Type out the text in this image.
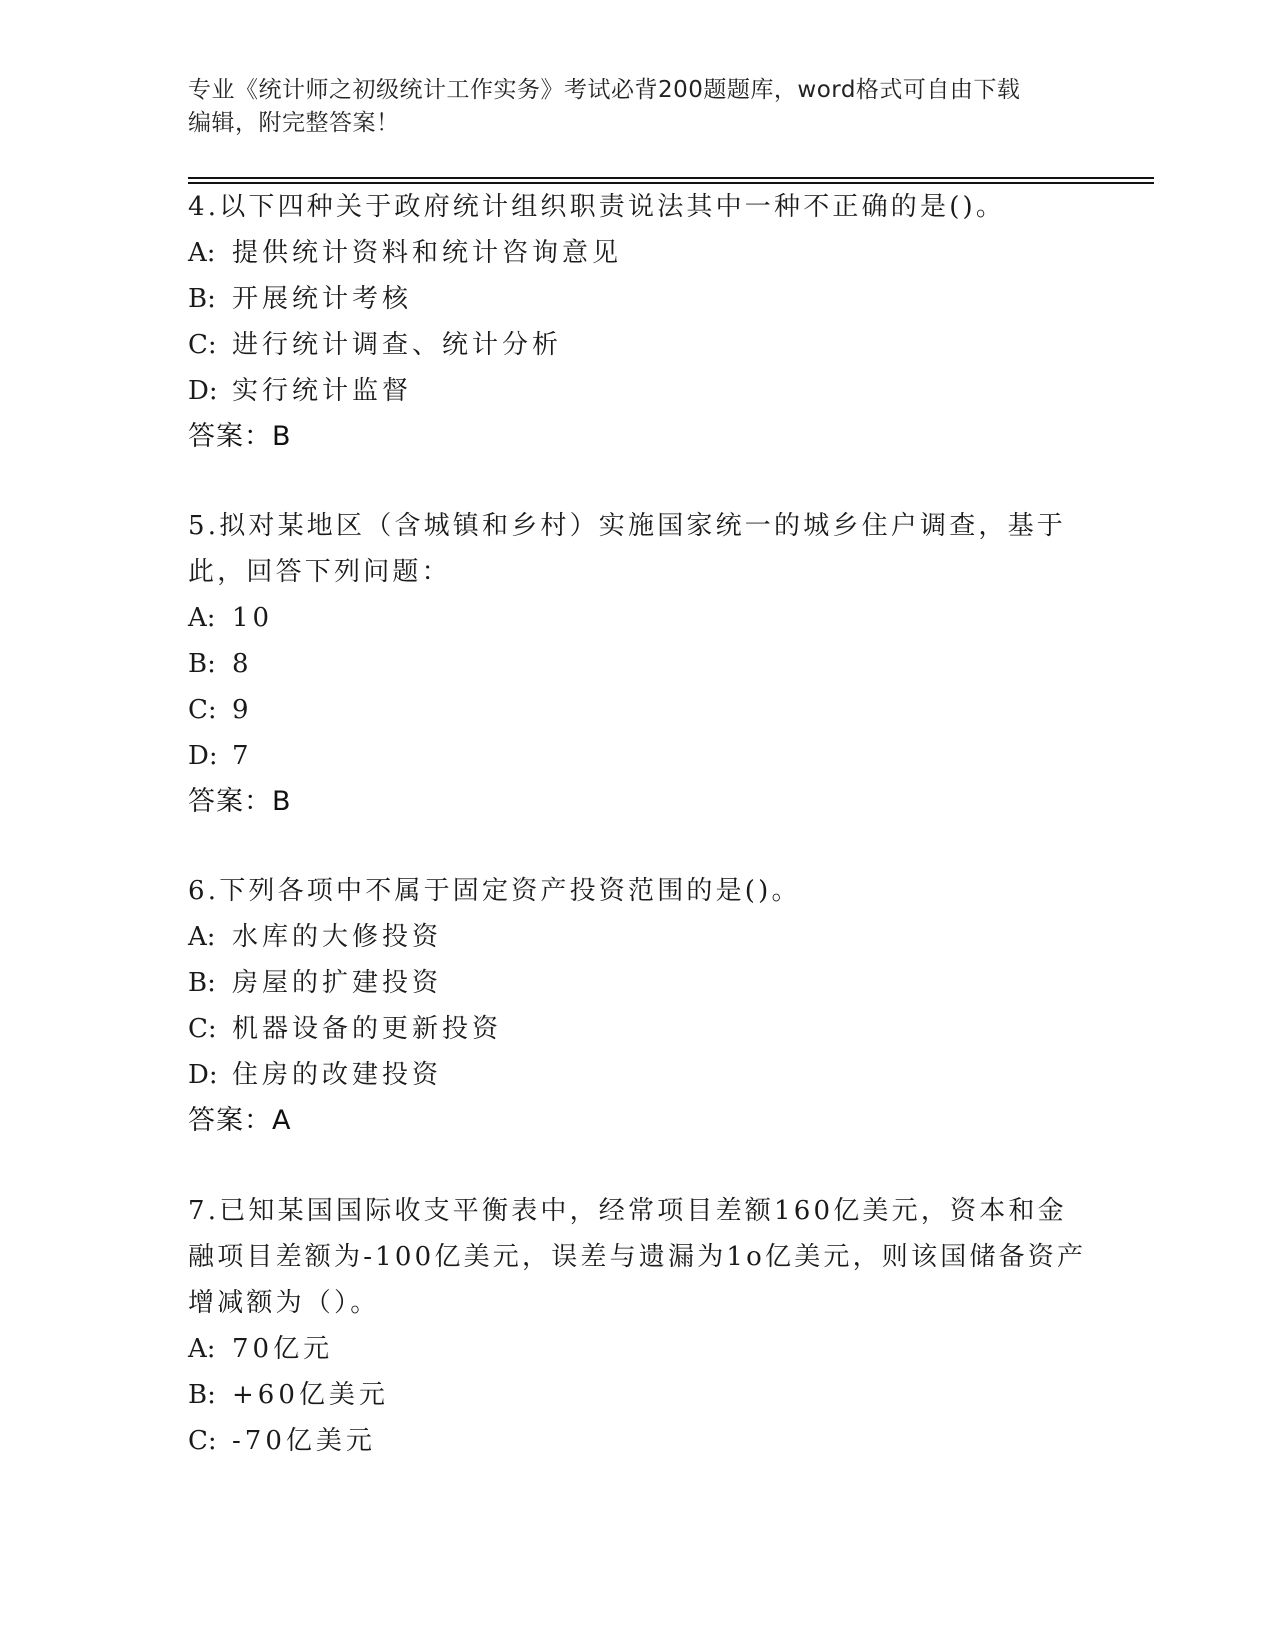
专业《统计师之初级统计工作实务》考试必背200题题库，word格式可自由下载
编辑，附完整答案！
4.以下四种关于政府统计组织职责说法其中一种不正确的是()。
A: 提供统计资料和统计咨询意见
B: 开展统计考核
C: 进行统计调查、统计分析
D: 实行统计监督
答案：B
5.拟对某地区（含城镇和乡村）实施国家统一的城乡住户调查，基于
此，回答下列问题：
A: 10
B: 8
C: 9
D: 7
答案：B
6.下列各项中不属于固定资产投资范围的是()。
A: 水库的大修投资
B: 房屋的扩建投资
C: 机器设备的更新投资
D: 住房的改建投资
答案：A
7.已知某国国际收支平衡表中，经常项目差额160亿美元，资本和金
融项目差额为-100亿美元，误差与遗漏为1o亿美元，则该国储备资产
增减额为（）。
A: 70亿元
B: +60亿美元
C: -70亿美元
